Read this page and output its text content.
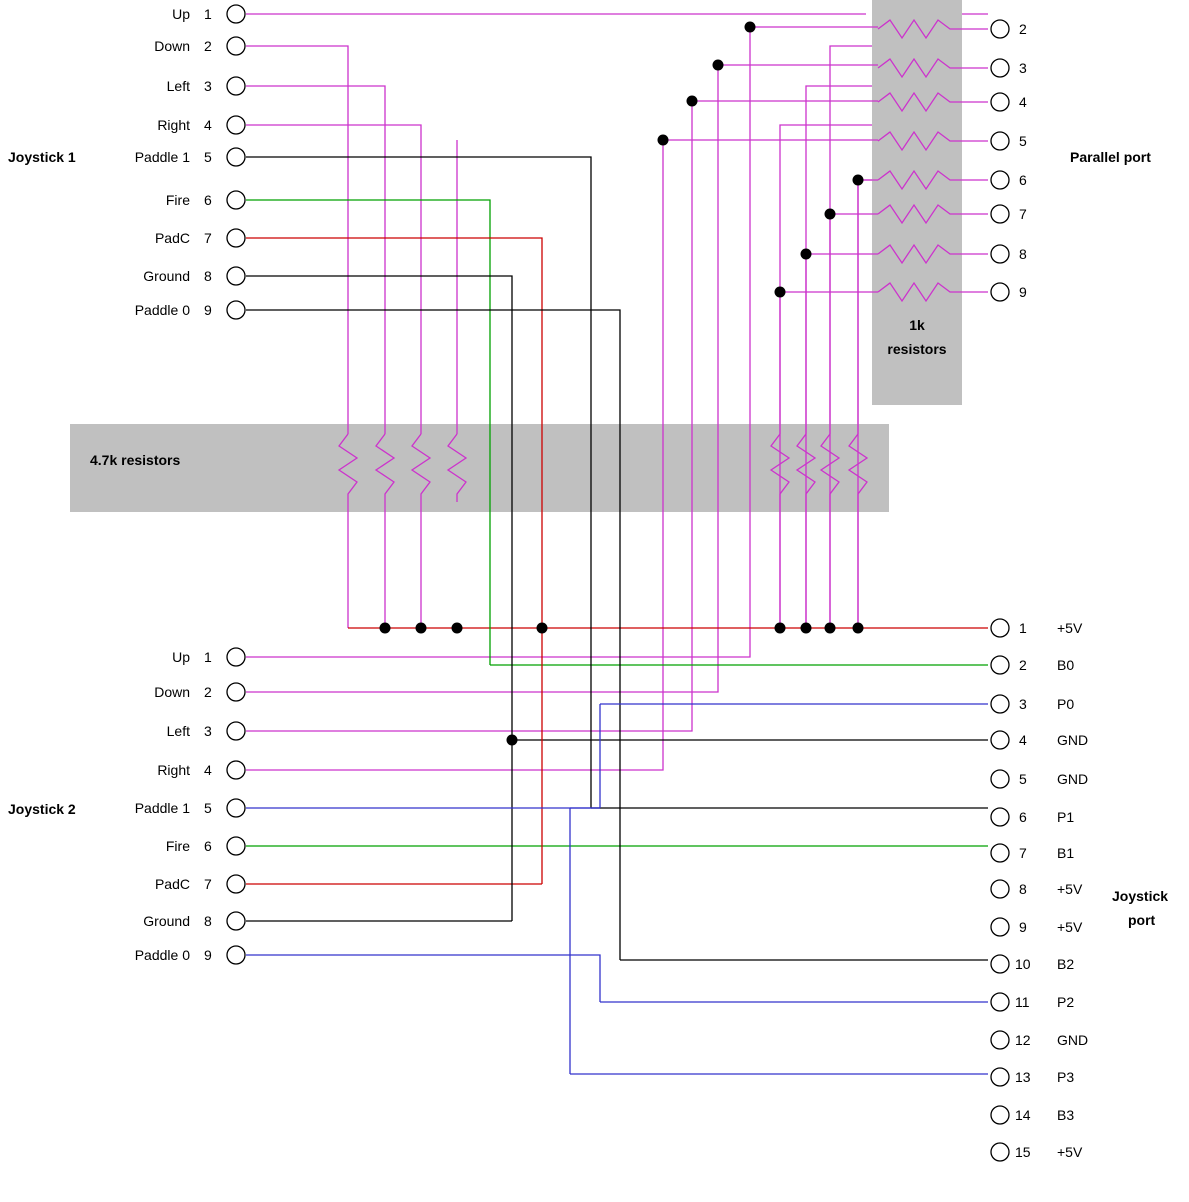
1k
resistors
4.7k resistors
Joystick 1
Joystick 2
Parallel port
Joystick
port
Up 1
Down 2
Left 3
Right 4
Paddle 1 5
Fire 6
PadC 7
Ground 8
Paddle 0 9
Up 1
Down 2
Left 3
Right 4
Paddle 1 5
Fire 6
PadC 7
Ground 8
Paddle 0 9
2
3
4
5
6
7
8
9
1 +5V
2 B0
3 P0
4 GND
5 GND
6 P1
7 B1
8 +5V
9 +5V
10 B2
11 P2
12 GND
13 P3
14 B3
15 +5V
